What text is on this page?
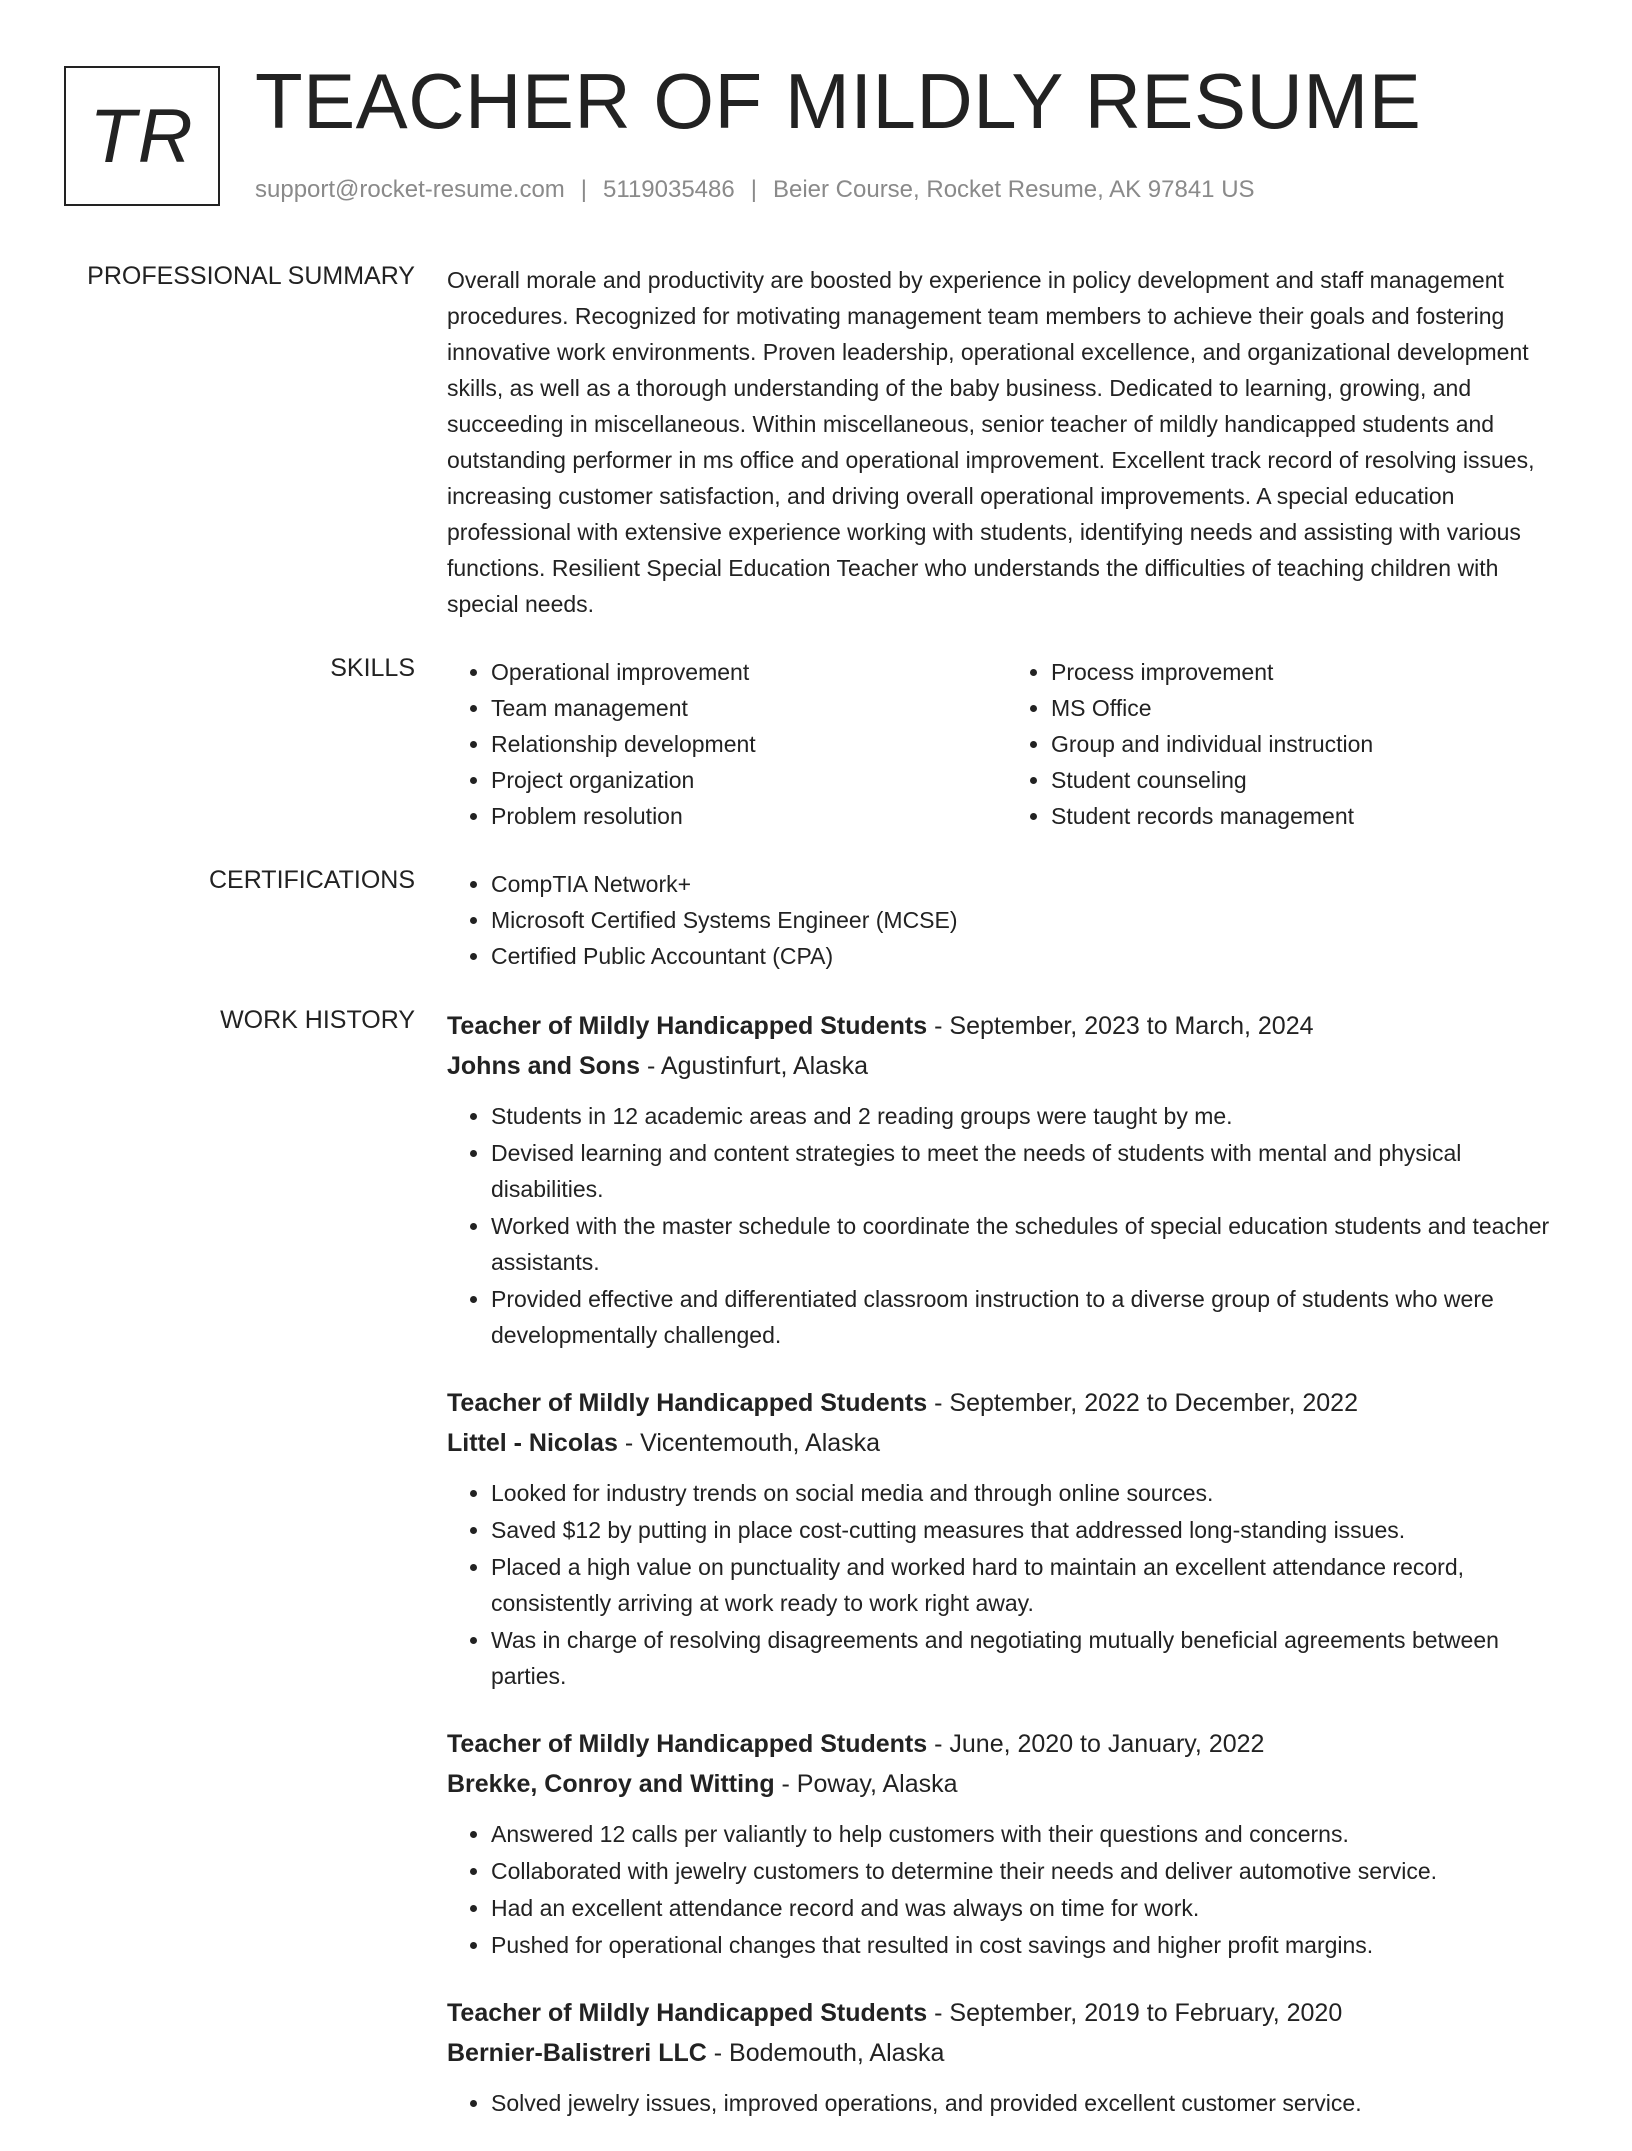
TR TEACHER OF MILDLY RESUME
support@rocket-resume.com | 5119035486 | Beier Course, Rocket Resume, AK 97841 US
PROFESSIONAL SUMMARY Overall morale and productivity are boosted by experience in policy development and staff management procedures. Recognized for motivating management team members to achieve their goals and fostering innovative work environments. Proven leadership, operational excellence, and organizational development skills, as well as a thorough understanding of the baby business. Dedicated to learning, growing, and succeeding in miscellaneous. Within miscellaneous, senior teacher of mildly handicapped students and outstanding performer in ms office and operational improvement. Excellent track record of resolving issues, increasing customer satisfaction, and driving overall operational improvements. A special education professional with extensive experience working with students, identifying needs and assisting with various functions. Resilient Special Education Teacher who understands the difficulties of teaching children with special needs.
SKILLS	• Operational improvement
• Team management
• Relationship development
• Project organization
• Problem resolution
• Process improvement
• MS Office
• Group and individual instruction
• Student counseling
• Student records management
CERTIFICATIONS	• CompTIA Network+
• Microsoft Certified Systems Engineer (MCSE)
• Certified Public Accountant (CPA)
WORK HISTORY Teacher of Mildly Handicapped Students - September, 2023 to March, 2024
Johns and Sons - Agustinfurt, Alaska
• Students in 12 academic areas and 2 reading groups were taught by me.
• Devised learning and content strategies to meet the needs of students with mental and physical disabilities.
• Worked with the master schedule to coordinate the schedules of special education students and teacher assistants.
• Provided effective and differentiated classroom instruction to a diverse group of students who were developmentally challenged.
Teacher of Mildly Handicapped Students - September, 2022 to December, 2022
Littel - Nicolas - Vicentemouth, Alaska
• Looked for industry trends on social media and through online sources.
• Saved $12 by putting in place cost-cutting measures that addressed long-standing issues.
• Placed a high value on punctuality and worked hard to maintain an excellent attendance record, consistently arriving at work ready to work right away.
• Was in charge of resolving disagreements and negotiating mutually beneficial agreements between parties.
Teacher of Mildly Handicapped Students - June, 2020 to January, 2022
Brekke, Conroy and Witting - Poway, Alaska
• Answered 12 calls per valiantly to help customers with their questions and concerns.
• Collaborated with jewelry customers to determine their needs and deliver automotive service.
• Had an excellent attendance record and was always on time for work.
• Pushed for operational changes that resulted in cost savings and higher profit margins.
Teacher of Mildly Handicapped Students - September, 2019 to February, 2020
Bernier-Balistreri LLC - Bodemouth, Alaska
• Solved jewelry issues, improved operations, and provided excellent customer service.
